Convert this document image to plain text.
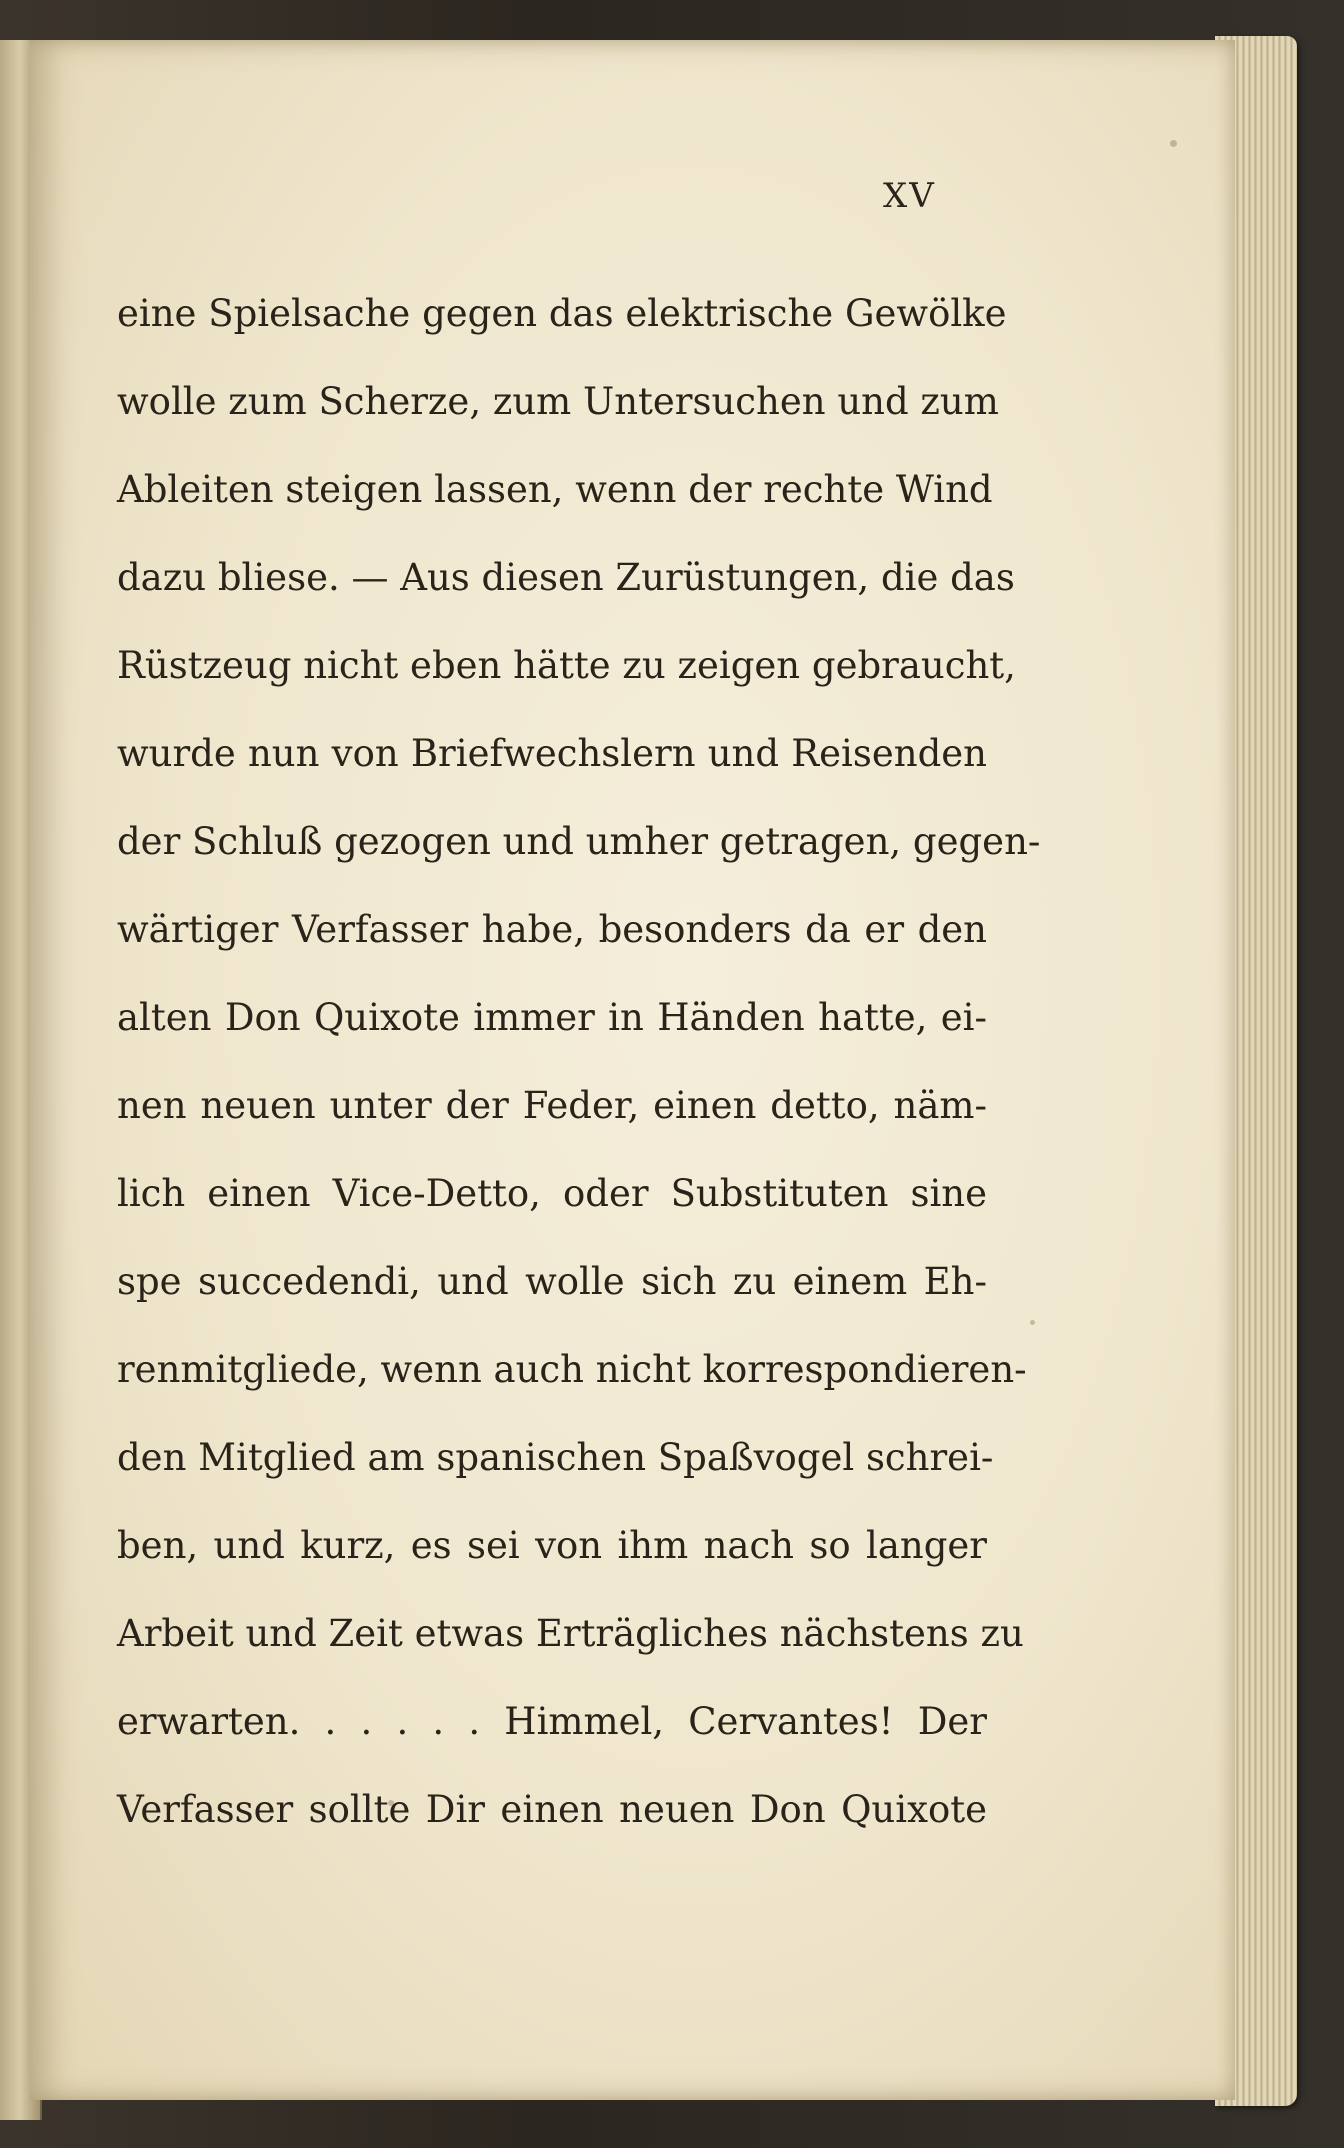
XV
eine Spielsache gegen das elektrische Gewölke
wolle zum Scherze, zum Untersuchen und zum
Ableiten steigen lassen, wenn der rechte Wind
dazu bliese. — Aus diesen Zurüstungen, die das
Rüstzeug nicht eben hätte zu zeigen gebraucht,
wurde nun von Briefwechslern und Reisenden
der Schluß gezogen und umher getragen, gegen-
wärtiger Verfasser habe, besonders da er den
alten Don Quixote immer in Händen hatte, ei-
nen neuen unter der Feder, einen detto, näm-
lich einen Vice-Detto, oder Substituten sine
spe succedendi, und wolle sich zu einem Eh-
renmitgliede, wenn auch nicht korrespondieren-
den Mitglied am spanischen Spaßvogel schrei-
ben, und kurz, es sei von ihm nach so langer
Arbeit und Zeit etwas Erträgliches nächstens zu
erwarten. . . . . . Himmel, Cervantes! Der
Verfasser sollte Dir einen neuen Don Quixote
